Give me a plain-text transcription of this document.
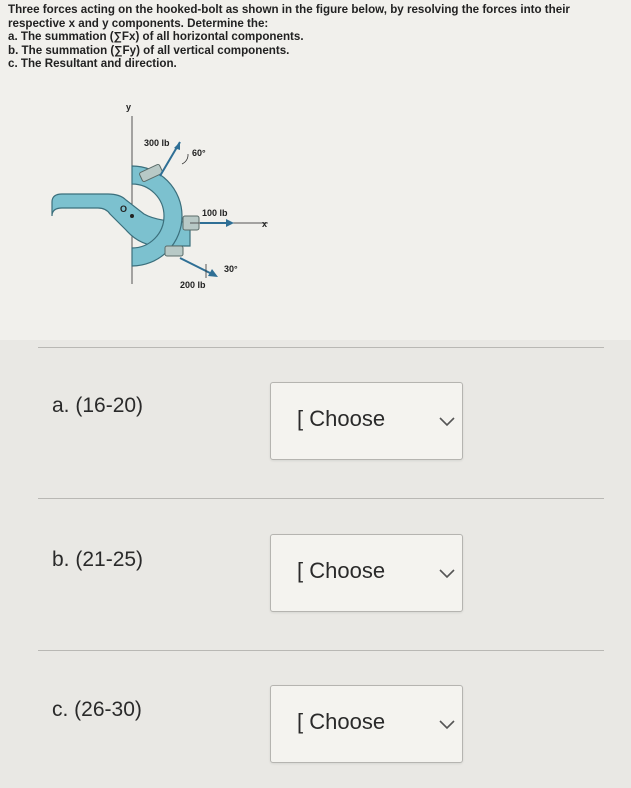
Three forces acting on the hooked-bolt as shown in the figure below, by resolving the forces into their
respective x and y components. Determine the:
a. The summation (∑Fx) of all horizontal components.
b. The summation (∑Fy) of all vertical components.
c. The Resultant and direction.
y
x
O
300 lb
60°
100 lb
30°
200 lb
a. (16-20)
[ Choose
b. (21-25)	[ Choose
c. (26-30)	[ Choose
